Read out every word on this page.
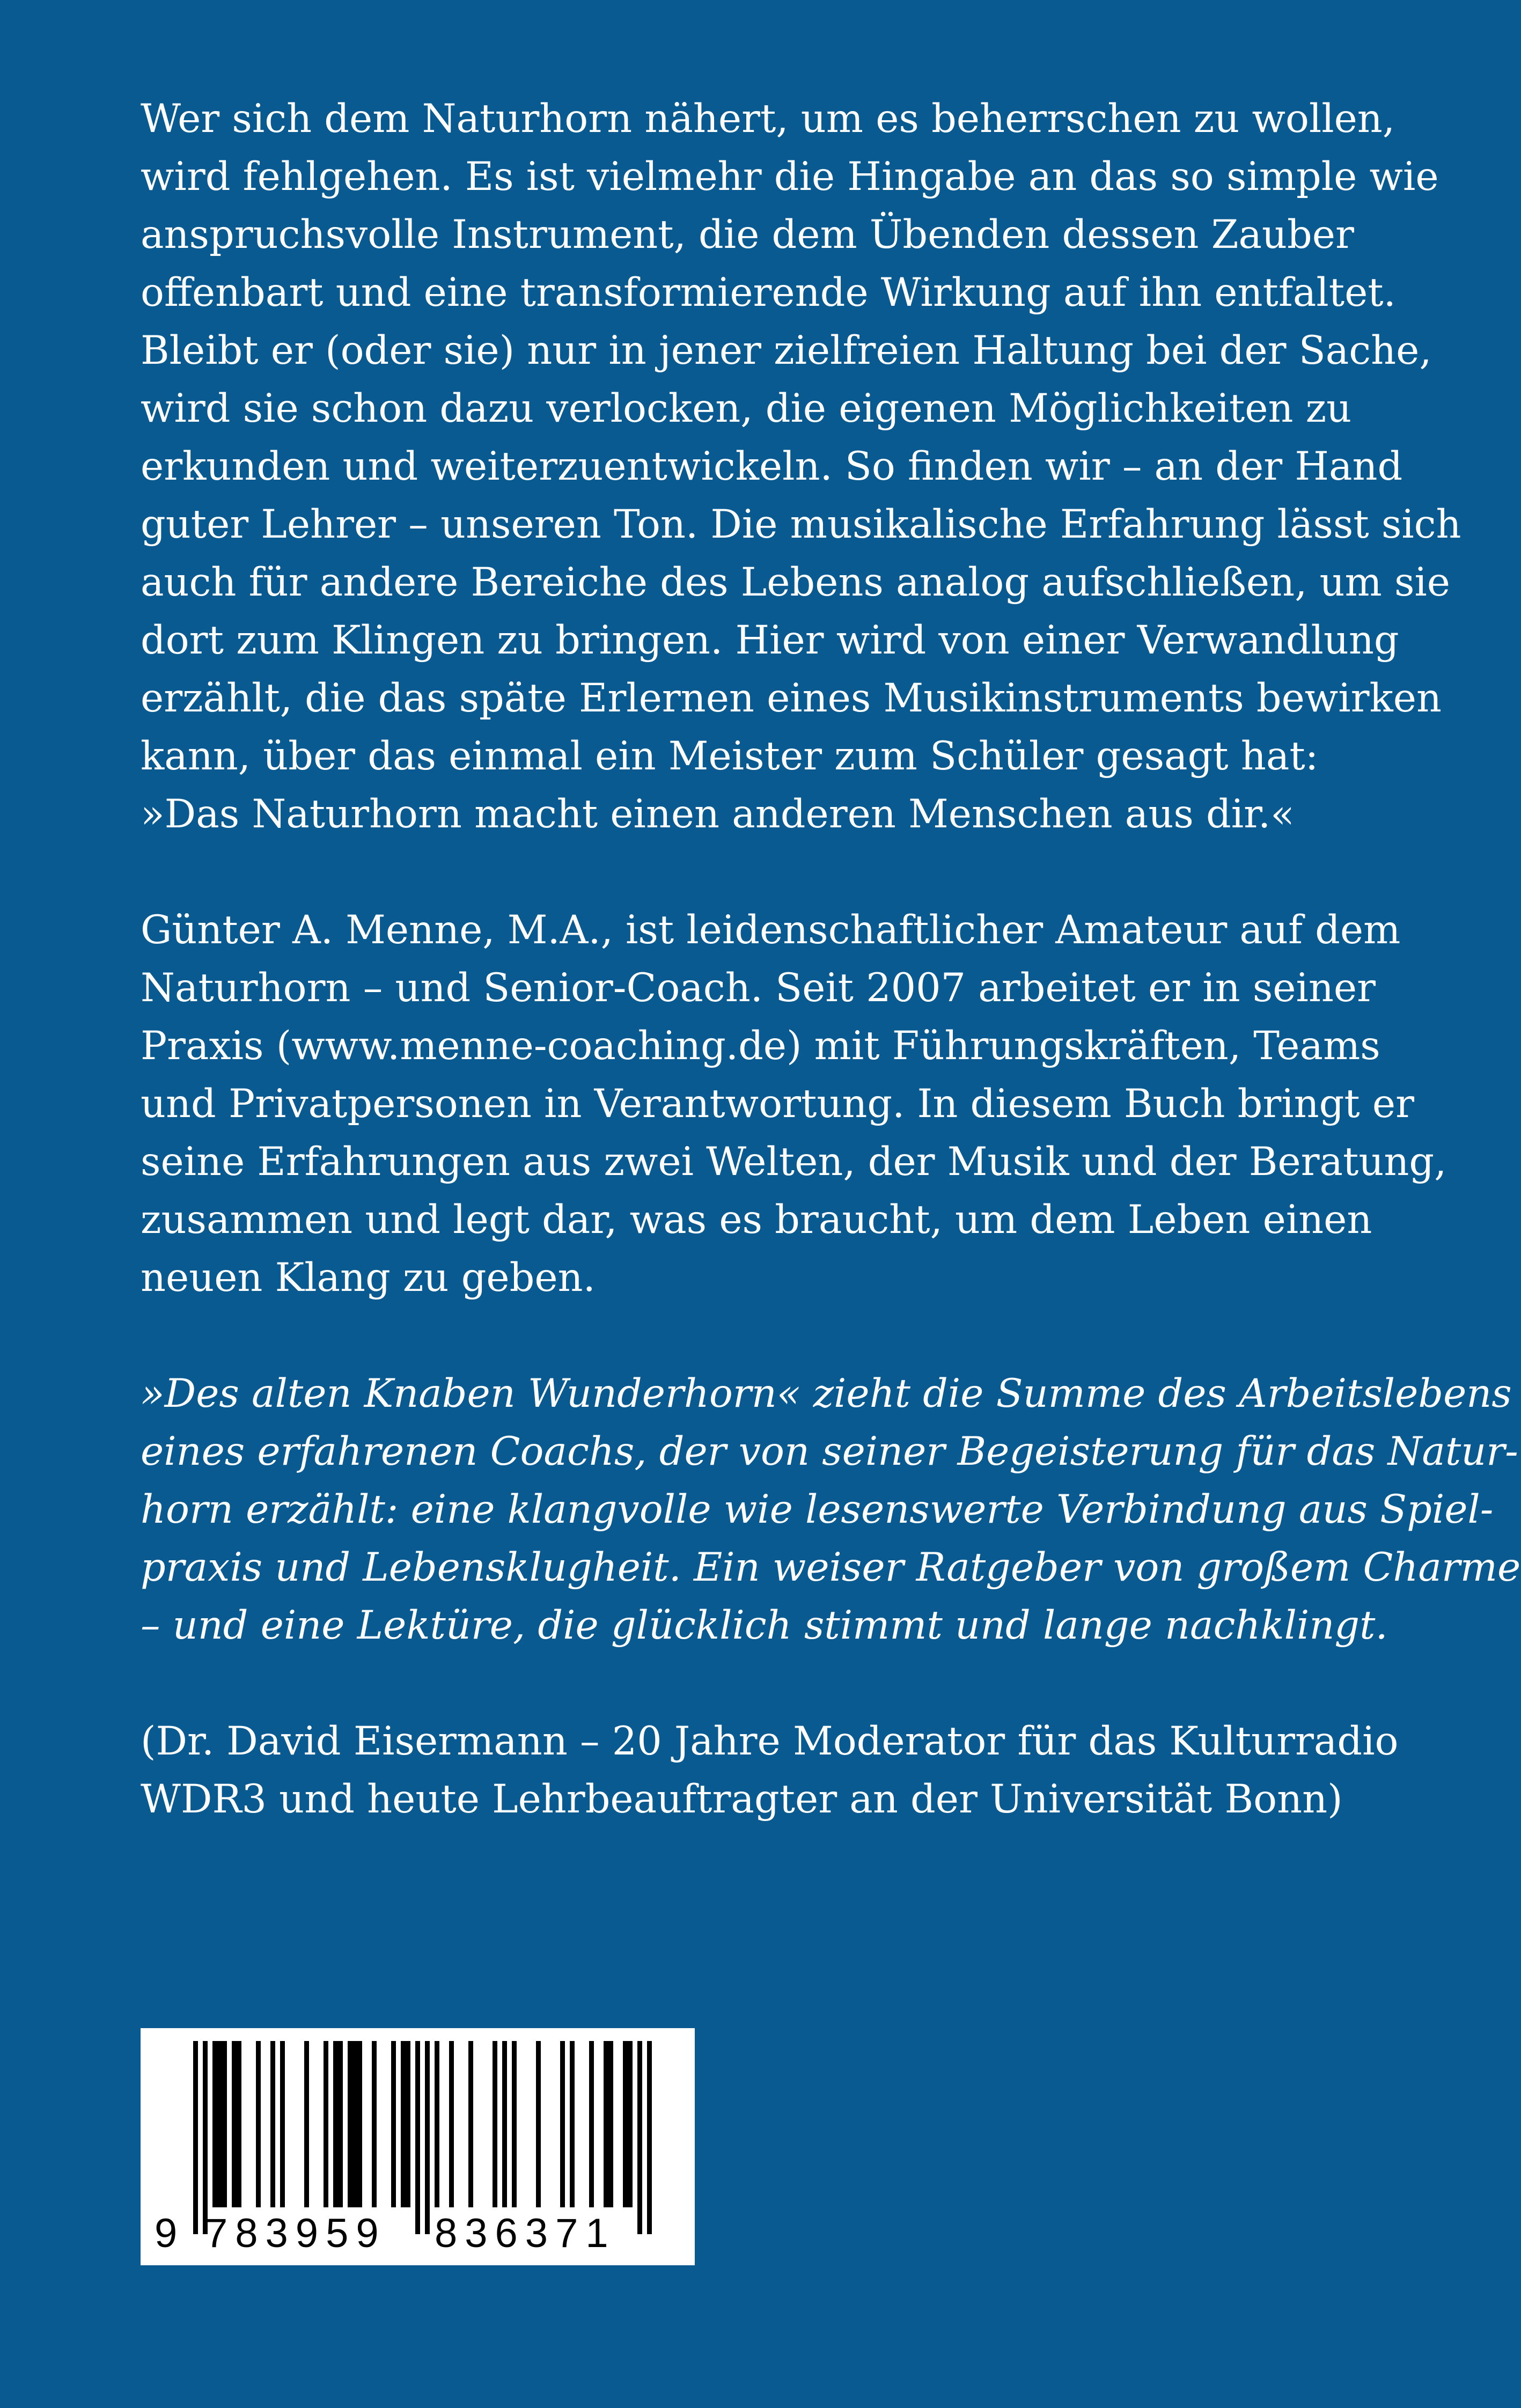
Wer sich dem Naturhorn nähert, um es beherrschen zu wollen,
wird fehlgehen. Es ist vielmehr die Hingabe an das so simple wie
anspruchsvolle Instrument, die dem Übenden dessen Zauber
offenbart und eine transformierende Wirkung auf ihn entfaltet.
Bleibt er (oder sie) nur in jener zielfreien Haltung bei der Sache,
wird sie schon dazu verlocken, die eigenen Möglichkeiten zu
erkunden und weiterzuentwickeln. So finden wir – an der Hand
guter Lehrer – unseren Ton. Die musikalische Erfahrung lässt sich
auch für andere Bereiche des Lebens analog aufschließen, um sie
dort zum Klingen zu bringen. Hier wird von einer Verwandlung
erzählt, die das späte Erlernen eines Musikinstruments bewirken
kann, über das einmal ein Meister zum Schüler gesagt hat:
»Das Naturhorn macht einen anderen Menschen aus dir.«
Günter A. Menne, M.A., ist leidenschaftlicher Amateur auf dem
Naturhorn – und Senior-Coach. Seit 2007 arbeitet er in seiner
Praxis (www.menne-coaching.de) mit Führungskräften, Teams
und Privatpersonen in Verantwortung. In diesem Buch bringt er
seine Erfahrungen aus zwei Welten, der Musik und der Beratung,
zusammen und legt dar, was es braucht, um dem Leben einen
neuen Klang zu geben.
»Des alten Knaben Wunderhorn« zieht die Summe des Arbeitslebens
eines erfahrenen Coachs, der von seiner Begeisterung für das Natur-
horn erzählt: eine klangvolle wie lesenswerte Verbindung aus Spiel-
praxis und Lebensklugheit. Ein weiser Ratgeber von großem Charme
– und eine Lektüre, die glücklich stimmt und lange nachklingt.
(Dr. David Eisermann – 20 Jahre Moderator für das Kulturradio
WDR3 und heute Lehrbeauftragter an der Universität Bonn)
9 783959 836371
